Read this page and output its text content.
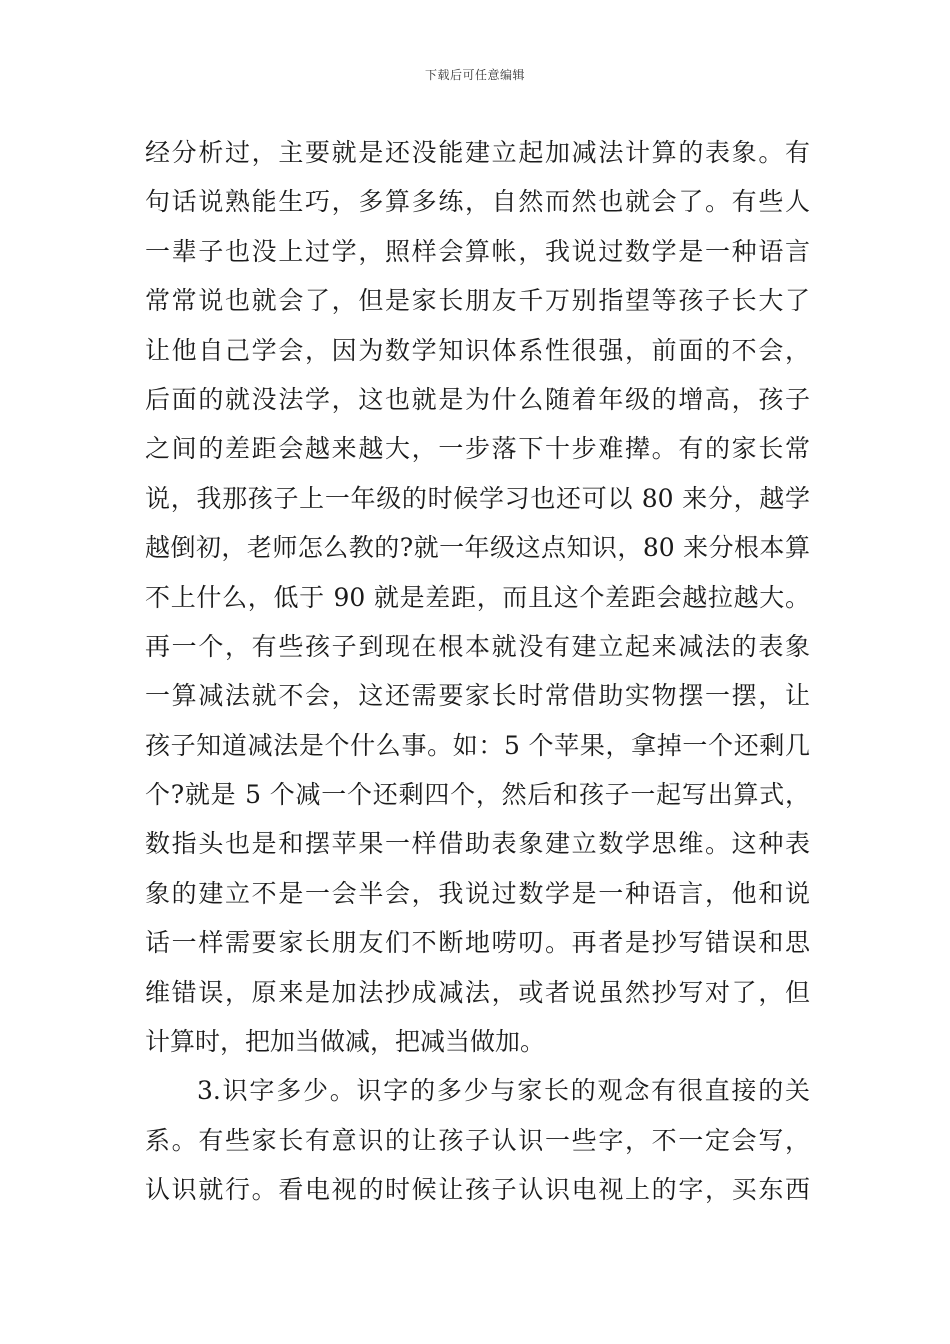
下载后可任意编辑
经分析过，主要就是还没能建立起加减法计算的表象。有
句话说熟能生巧，多算多练，自然而然也就会了。有些人
一辈子也没上过学，照样会算帐，我说过数学是一种语言
常常说也就会了，但是家长朋友千万别指望等孩子长大了
让他自己学会，因为数学知识体系性很强，前面的不会，
后面的就没法学，这也就是为什么随着年级的增高，孩子
之间的差距会越来越大，一步落下十步难撵。有的家长常
说，我那孩子上一年级的时候学习也还可以 80 来分，越学
越倒初，老师怎么教的?就一年级这点知识，80 来分根本算
不上什么，低于 90 就是差距，而且这个差距会越拉越大。
再一个，有些孩子到现在根本就没有建立起来减法的表象
一算减法就不会，这还需要家长时常借助实物摆一摆，让
孩子知道减法是个什么事。如：5 个苹果，拿掉一个还剩几
个?就是 5 个减一个还剩四个，然后和孩子一起写出算式，
数指头也是和摆苹果一样借助表象建立数学思维。这种表
象的建立不是一会半会，我说过数学是一种语言，他和说
话一样需要家长朋友们不断地唠叨。再者是抄写错误和思
维错误，原来是加法抄成减法，或者说虽然抄写对了，但
计算时，把加当做减，把减当做加。
3.识字多少。识字的多少与家长的观念有很直接的关
系。有些家长有意识的让孩子认识一些字，不一定会写，
认识就行。看电视的时候让孩子认识电视上的字，买东西
